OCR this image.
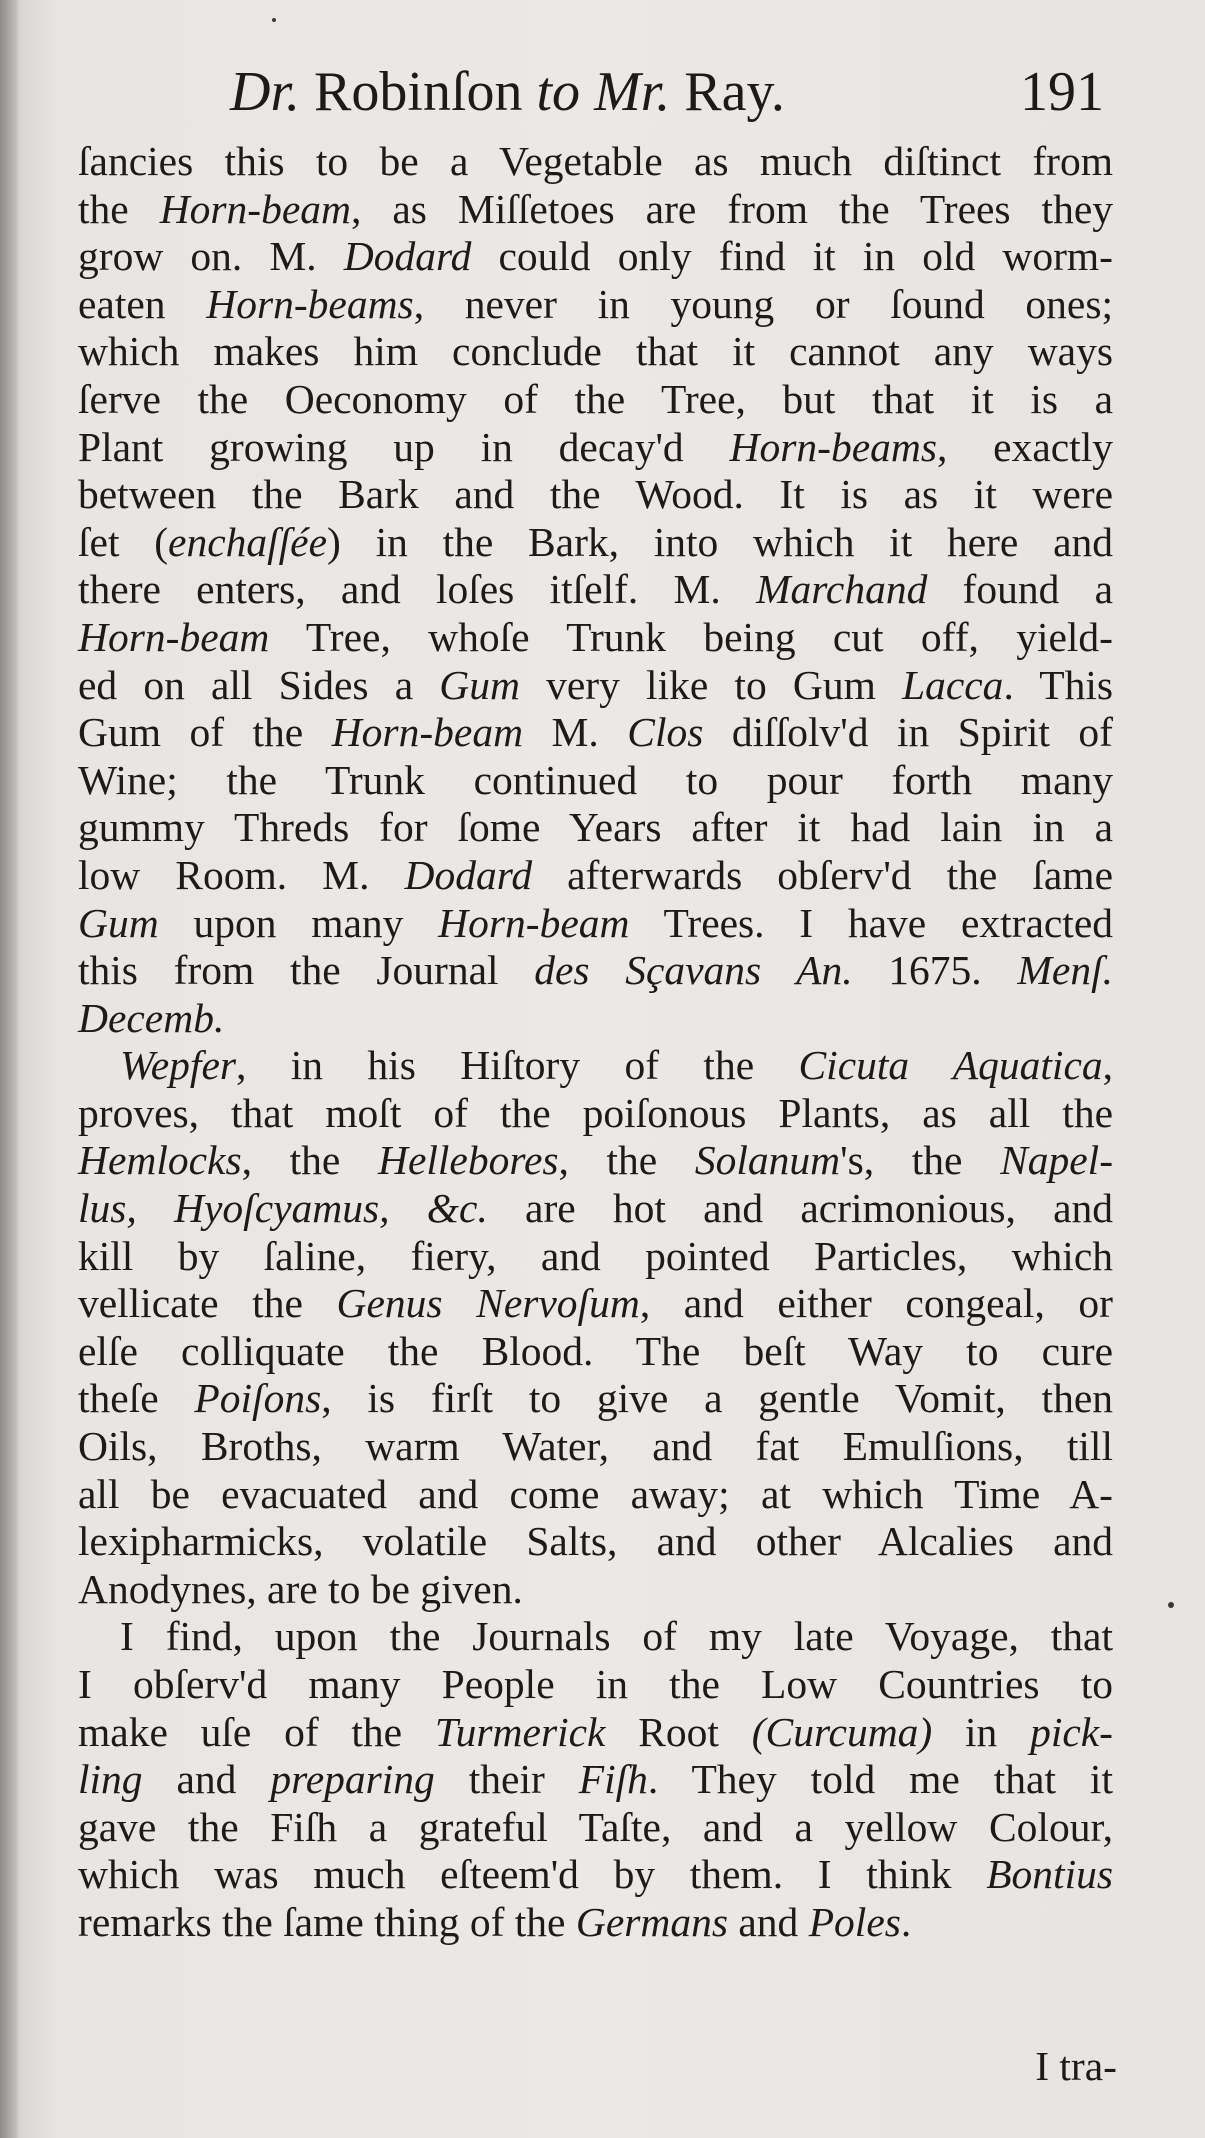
Dr. Robinſon to Mr. Ray.	191
ſancies this to be a Vegetable as much diſtinct from
the Horn-beam, as Miſſetoes are from the Trees they
grow on. M. Dodard could only find it in old worm-
eaten Horn-beams, never in young or ſound ones;
which makes him conclude that it cannot any ways
ſerve the Oeconomy of the Tree, but that it is a
Plant growing up in decay'd Horn-beams, exactly
between the Bark and the Wood. It is as it were
ſet (enchaſſée) in the Bark, into which it here and
there enters, and loſes itſelf. M. Marchand found a
Horn-beam Tree, whoſe Trunk being cut off, yield-
ed on all Sides a Gum very like to Gum Lacca. This
Gum of the Horn-beam M. Clos diſſolv'd in Spirit of
Wine; the Trunk continued to pour forth many
gummy Threds for ſome Years after it had lain in a
low Room. M. Dodard afterwards obſerv'd the ſame
Gum upon many Horn-beam Trees. I have extracted
this from the Journal des Sçavans An. 1675. Menſ.
Decemb.
Wepfer, in his Hiſtory of the Cicuta Aquatica,
proves, that moſt of the poiſonous Plants, as all the
Hemlocks, the Hellebores, the Solanum's, the Napel-
lus, Hyoſcyamus, &c. are hot and acrimonious, and
kill by ſaline, fiery, and pointed Particles, which
vellicate the Genus Nervoſum, and either congeal, or
elſe colliquate the Blood. The beſt Way to cure
theſe Poiſons, is firſt to give a gentle Vomit, then
Oils, Broths, warm Water, and fat Emulſions, till
all be evacuated and come away; at which Time A-
lexipharmicks, volatile Salts, and other Alcalies and
Anodynes, are to be given.
I find, upon the Journals of my late Voyage, that
I obſerv'd many People in the Low Countries to
make uſe of the Turmerick Root (Curcuma) in pick-
ling and preparing their Fiſh. They told me that it
gave the Fiſh a grateful Taſte, and a yellow Colour,
which was much eſteem'd by them. I think Bontius
remarks the ſame thing of the Germans and Poles.
I tra-
